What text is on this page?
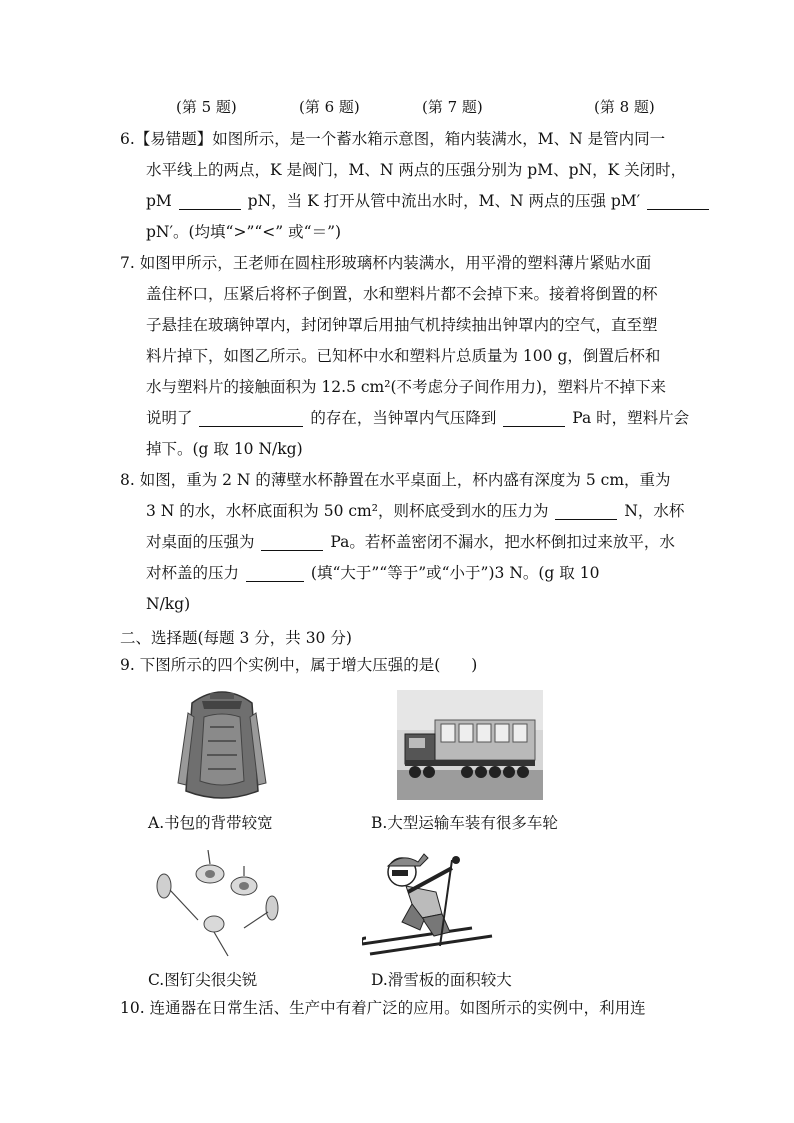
(第 5 题)	(第 6 题)	(第 7 题)	(第 8 题)
6.【易错题】如图所示，是一个蓄水箱示意图，箱内装满水，M、N 是管内同一
水平线上的两点，K 是阀门，M、N 两点的压强分别为 pM、pN，K 关闭时，
pM	pN，当 K 打开从管中流出水时，M、N 两点的压强 pM′
pN′。(均填“>”“<” 或“＝”)
7. 如图甲所示，王老师在圆柱形玻璃杯内装满水，用平滑的塑料薄片紧贴水面
盖住杯口，压紧后将杯子倒置，水和塑料片都不会掉下来。接着将倒置的杯
子悬挂在玻璃钟罩内，封闭钟罩后用抽气机持续抽出钟罩内的空气，直至塑
料片掉下，如图乙所示。已知杯中水和塑料片总质量为 100 g，倒置后杯和
水与塑料片的接触面积为 12.5 cm²(不考虑分子间作用力)，塑料片不掉下来
说明了	的存在，当钟罩内气压降到	Pa 时，塑料片会
掉下。(g 取 10 N/kg)
8. 如图，重为 2 N 的薄壁水杯静置在水平桌面上，杯内盛有深度为 5 cm，重为
3 N 的水，水杯底面积为 50 cm²，则杯底受到水的压力为	N，水杯
对桌面的压强为	Pa。若杯盖密闭不漏水，把水杯倒扣过来放平，水
对杯盖的压力	(填“大于”“等于”或“小于”)3 N。(g 取 10
N/kg)
二、选择题(每题 3 分，共 30 分)
9. 下图所示的四个实例中，属于增大压强的是(　　)
A.书包的背带较宽	B.大型运输车装有很多车轮
C.图钉尖很尖锐	D.滑雪板的面积较大
10. 连通器在日常生活、生产中有着广泛的应用。如图所示的实例中，利用连
